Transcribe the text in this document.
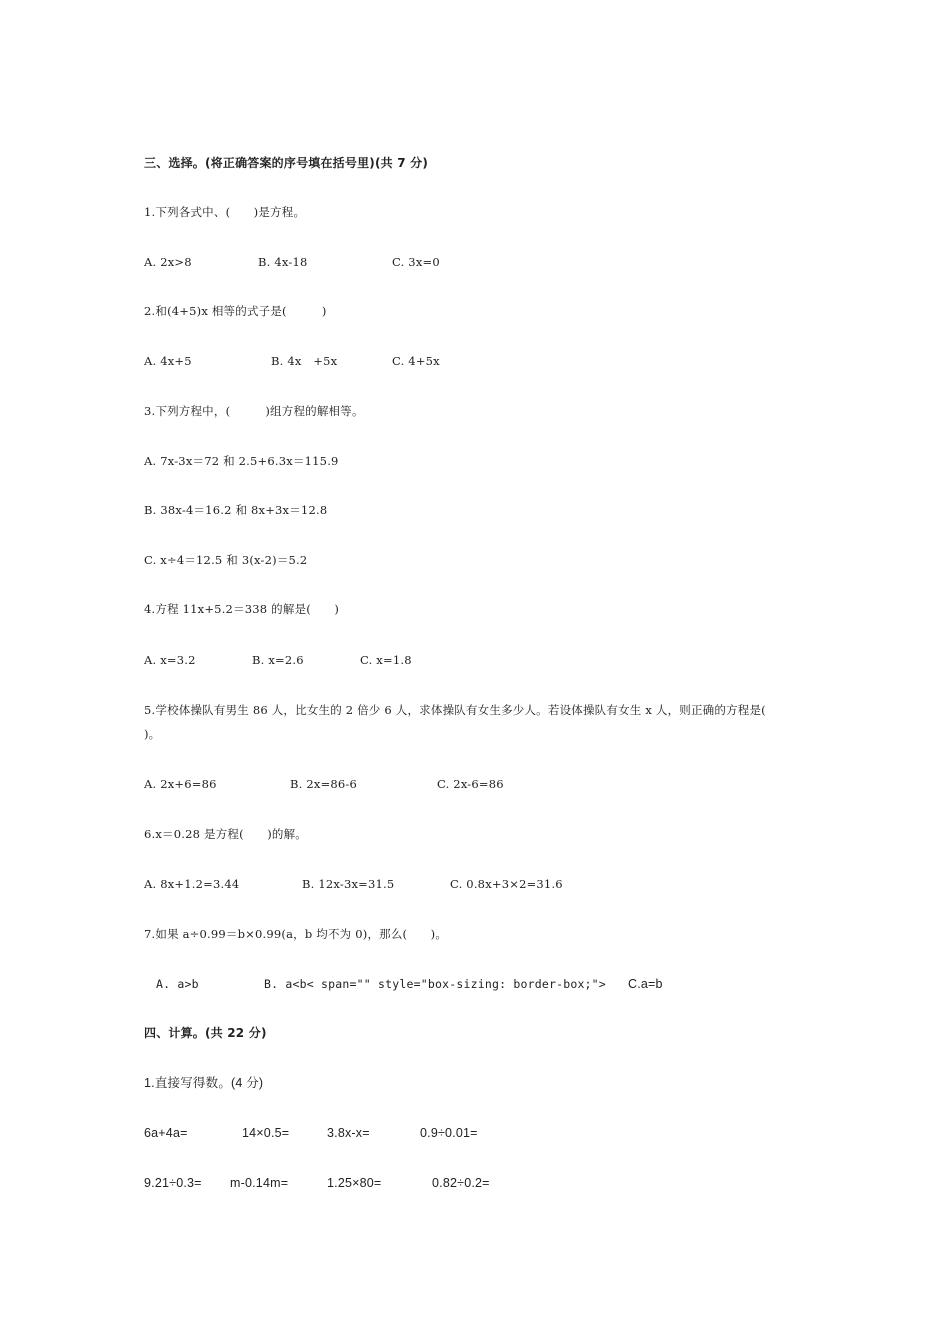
三、选择。(将正确答案的序号填在括号里)(共 7 分)
1.下列各式中、(　　)是方程。
A. 2x>8	B. 4x-18	C. 3x=0
2.和(4+5)x 相等的式子是(　　　)
A. 4x+5	B. 4x　+5x	C. 4+5x
3.下列方程中，(　　　)组方程的解相等。
A. 7x-3x＝72 和 2.5+6.3x＝115.9
B. 38x-4＝16.2 和 8x+3x＝12.8
C. x÷4＝12.5 和 3(x-2)＝5.2
4.方程 11x+5.2＝338 的解是(　　)
A. x=3.2	B. x=2.6	C. x=1.8
5.学校体操队有男生 86 人，比女生的 2 倍少 6 人，求体操队有女生多少人。若设体操队有女生 x 人，则正确的方程是(
)。
A. 2x+6=86	B. 2x=86-6	C. 2x-6=86
6.x＝0.28 是方程(　　)的解。
A. 8x+1.2=3.44	B. 12x-3x=31.5	C. 0.8x+3×2=31.6
7.如果 a÷0.99＝b×0.99(a，b 均不为 0)，那么(　　)。
A. a>b	B. a<b< span="" style="box-sizing: border-box;"> C.a=b
四、计算。(共 22 分)
1.直接写得数。(4 分)
6a+4a=	14×0.5=	3.8x-x=	0.9÷0.01=
9.21÷0.3= m-0.14m=	1.25×80=	0.82÷0.2=
